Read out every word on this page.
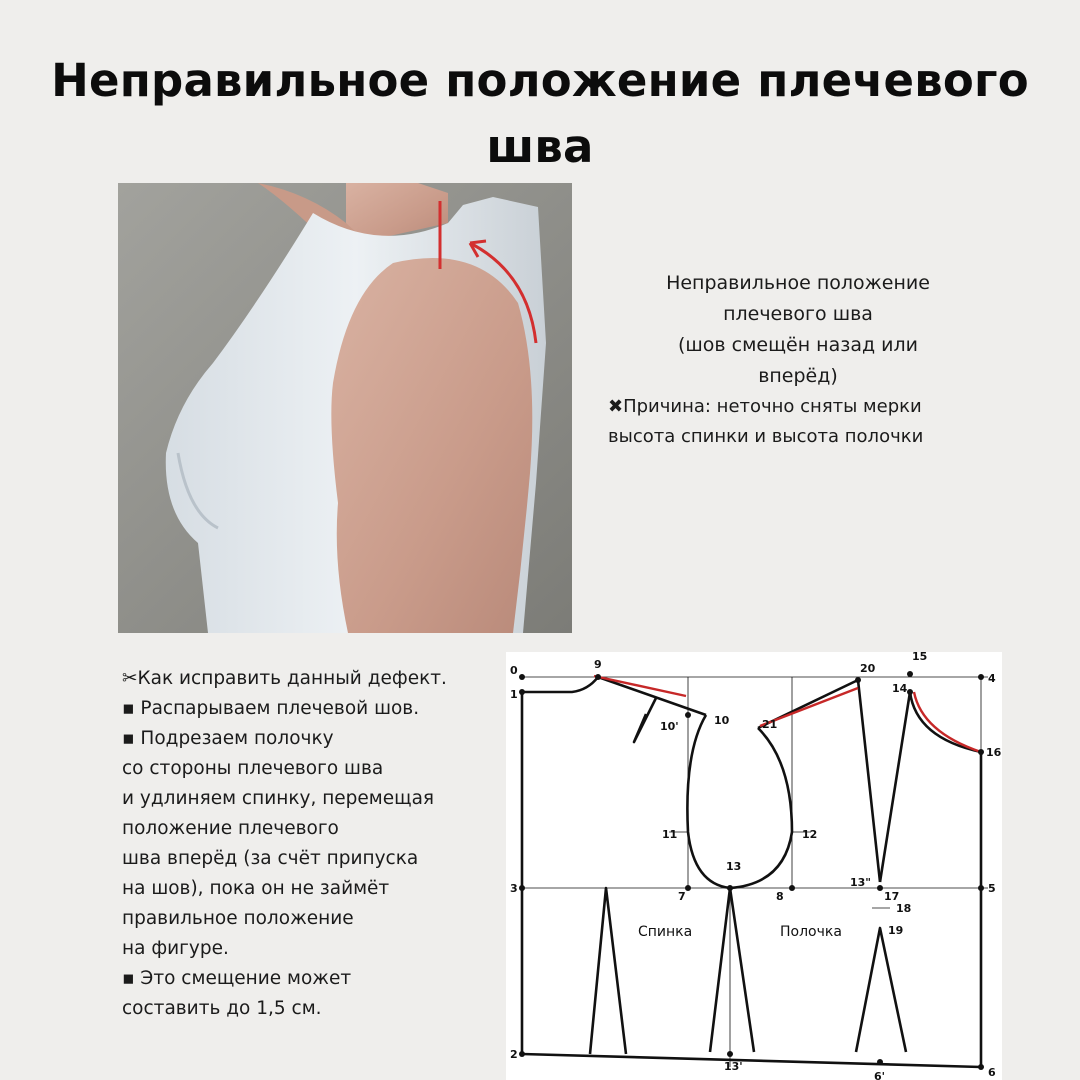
Неправильное положение плечевого
шва
Неправильное положение
плечевого шва
(шов смещён назад или
вперёд)
✖Причина: неточно сняты мерки
высота спинки и высота полочки
✂Как исправить данный дефект.
▪ Распарываем плечевой шов.
▪ Подрезаем полочку
со стороны плечевого шва
и удлиняем спинку, перемещая
положение плечевого
шва вперёд (за счёт припуска
на шов), пока он не займёт
правильное положение
на фигуре.
▪ Это смещение может
составить до 1,5 см.
0
1
3
2
9
10
10'
11	12
13
7	8
21
20
15
14
4
16
5
6
13"
17
18
19
13'
6'
Спинка	Полочка
